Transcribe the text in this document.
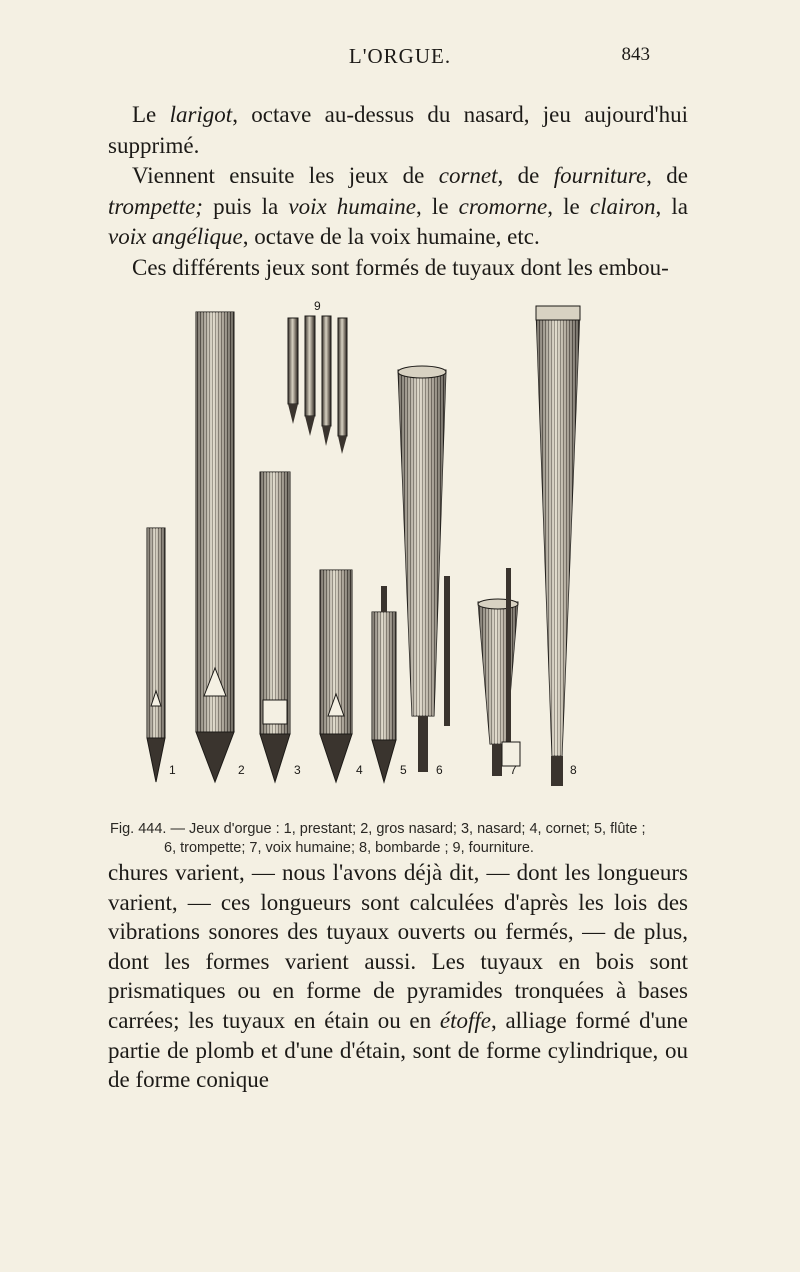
L'ORGUE.	843

Le larigot, octave au-dessus du nasard, jeu aujourd'hui supprimé.

Viennent ensuite les jeux de cornet, de fourniture, de trompette; puis la voix humaine, le cromorne, le clairon, la voix angélique, octave de la voix humaine, etc.

Ces différents jeux sont formés de tuyaux dont les embou-

1	2	3	4	5 6	7	8
9
Fig. 444. — Jeux d'orgue : 1, prestant; 2, gros nasard; 3, nasard; 4, cornet; 5, flûte ;
6, trompette; 7, voix humaine; 8, bombarde ; 9, fourniture.

chures varient, — nous l'avons déjà dit, — dont les longueurs varient, — ces longueurs sont calculées d'après les lois des vibrations sonores des tuyaux ouverts ou fermés, — de plus, dont les formes varient aussi. Les tuyaux en bois sont prismatiques ou en forme de pyramides tronquées à bases carrées; les tuyaux en étain ou en étoffe, alliage formé d'une partie de plomb et d'une d'étain, sont de forme cylindrique, ou de forme conique
